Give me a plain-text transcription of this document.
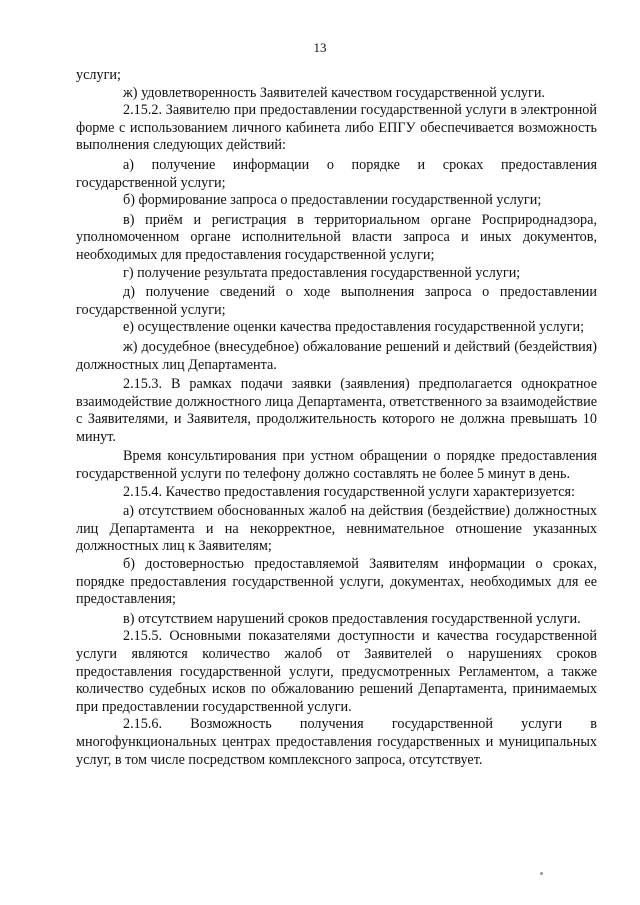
13

услуги;

ж) удовлетворенность Заявителей качеством государственной услуги.

2.15.2. Заявителю при предоставлении государственной услуги в электронной форме с использованием личного кабинета либо ЕПГУ обеспечивается возможность выполнения следующих действий:

а) получение информации о порядке и сроках предоставления государственной услуги;

б) формирование запроса о предоставлении государственной услуги;

в) приём и регистрация в территориальном органе Росприроднадзора, уполномоченном органе исполнительной власти запроса и иных документов, необходимых для предоставления государственной услуги;

г) получение результата предоставления государственной услуги;

д) получение сведений о ходе выполнения запроса о предоставлении государственной услуги;

е) осуществление оценки качества предоставления государственной услуги;

ж) досудебное (внесудебное) обжалование решений и действий (бездействия) должностных лиц Департамента.

2.15.3. В рамках подачи заявки (заявления) предполагается однократное взаимодействие должностного лица Департамента, ответственного за взаимодействие с Заявителями, и Заявителя, продолжительность которого не должна превышать 10 минут.

Время консультирования при устном обращении о порядке предоставления государственной услуги по телефону должно составлять не более 5 минут в день.

2.15.4. Качество предоставления государственной услуги характеризуется:

а) отсутствием обоснованных жалоб на действия (бездействие) должностных лиц Департамента и на некорректное, невнимательное отношение указанных должностных лиц к Заявителям;

б) достоверностью предоставляемой Заявителям информации о сроках, порядке предоставления государственной услуги, документах, необходимых для ее предоставления;

в) отсутствием нарушений сроков предоставления государственной услуги.

2.15.5. Основными показателями доступности и качества государственной услуги являются количество жалоб от Заявителей о нарушениях сроков предоставления государственной услуги, предусмотренных Регламентом, а также количество судебных исков по обжалованию решений Департамента, принимаемых при предоставлении государственной услуги.

2.15.6. Возможность получения государственной услуги в многофункциональных центрах предоставления государственных и муниципальных услуг, в том числе посредством комплексного запроса, отсутствует.
